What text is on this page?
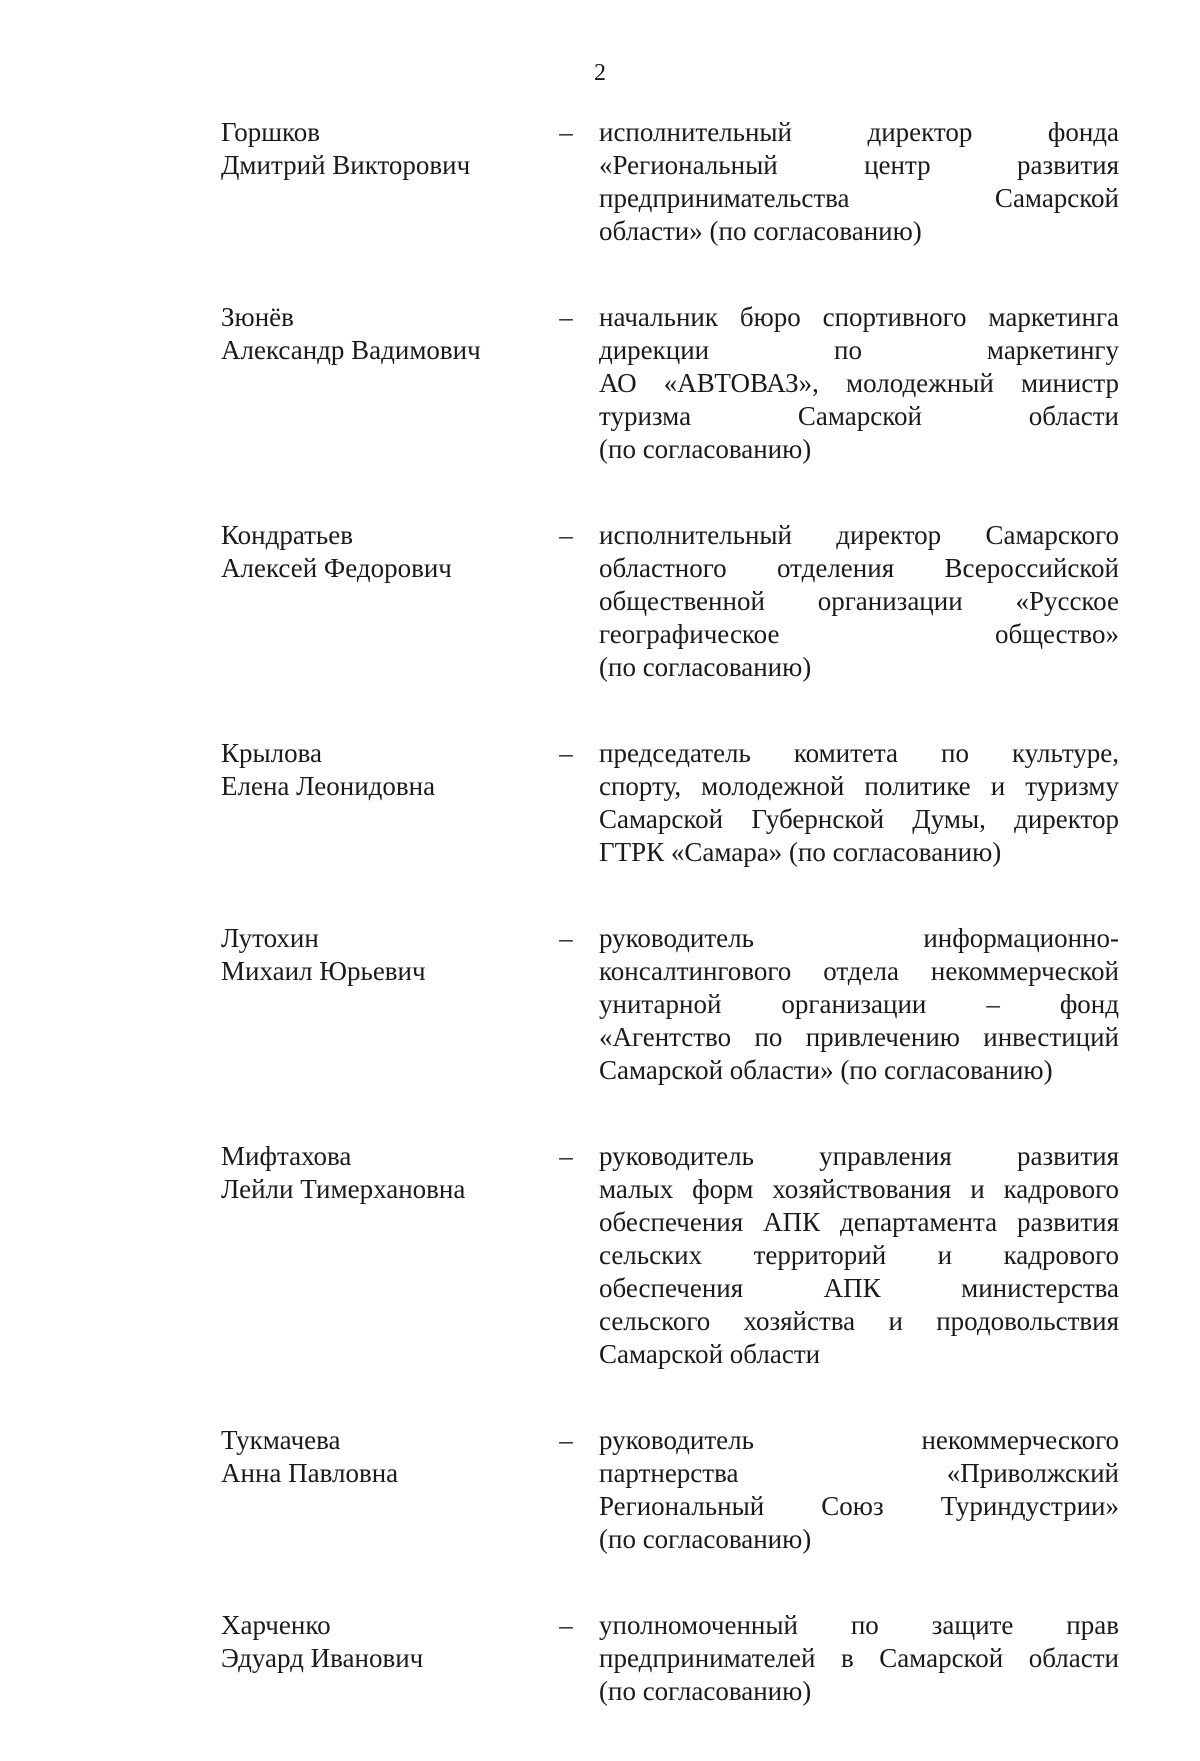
2
Горшков
Дмитрий Викторович
– исполнительный директор фонда
«Региональный центр развития
предпринимательства Самарской
области» (по согласованию)
Зюнёв
Александр Вадимович
– начальник бюро спортивного маркетинга
дирекции по маркетингу
АО «АВТОВАЗ», молодежный министр
туризма Самарской области
(по согласованию)
Кондратьев
Алексей Федорович
– исполнительный директор Самарского
областного отделения Всероссийской
общественной организации «Русское
географическое общество»
(по согласованию)
Крылова
Елена Леонидовна
– председатель комитета по культуре,
спорту, молодежной политике и туризму
Самарской Губернской Думы, директор
ГТРК «Самара» (по согласованию)
Лутохин
Михаил Юрьевич
– руководитель информационно-
консалтингового отдела некоммерческой
унитарной организации – фонд
«Агентство по привлечению инвестиций
Самарской области» (по согласованию)
Мифтахова
Лейли Тимерхановна
– руководитель управления развития
малых форм хозяйствования и кадрового
обеспечения АПК департамента развития
сельских территорий и кадрового
обеспечения АПК министерства
сельского хозяйства и продовольствия
Самарской области
Тукмачева
Анна Павловна
– руководитель некоммерческого
партнерства «Приволжский
Региональный Союз Туриндустрии»
(по согласованию)
Харченко
Эдуард Иванович
– уполномоченный по защите прав
предпринимателей в Самарской области
(по согласованию)
